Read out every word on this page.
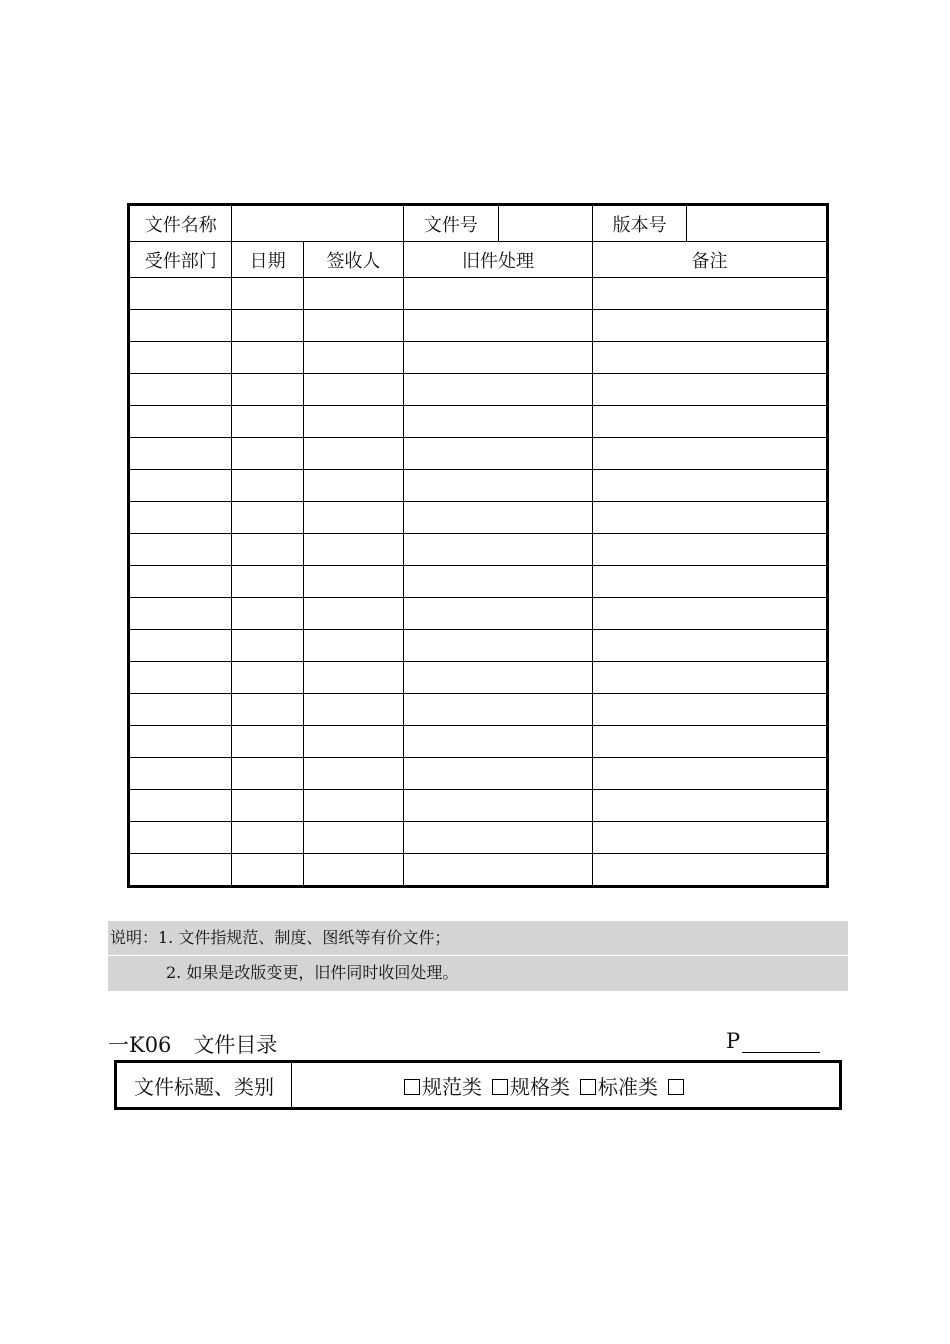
文件名称			文件号		版本号	
受件部门	日期	签收人	旧件处理		备注	

说明：1. 文件指规范、制度、图纸等有价文件；
2. 如果是改版变更，旧件同时收回处理。
一K06 文件目录	P
文件标题、类别	规范类 规格类 标准类
